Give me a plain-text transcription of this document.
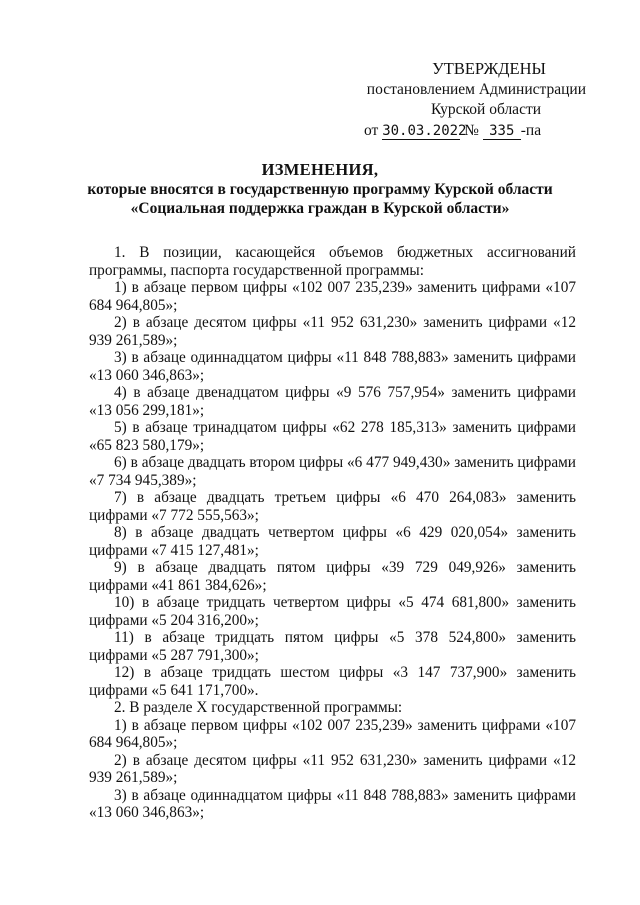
УТВЕРЖДЕНЫ
постановлением Администрации
Курской области
от 30.03.2022 № 335 -па
ИЗМЕНЕНИЯ,
которые вносятся в государственную программу Курской области
«Социальная поддержка граждан в Курской области»

1. В позиции, касающейся объемов бюджетных ассигнований программы, паспорта государственной программы:

1) в абзаце первом цифры «102 007 235,239» заменить цифрами «107 684 964,805»;

2) в абзаце десятом цифры «11 952 631,230» заменить цифрами «12 939 261,589»;

3) в абзаце одиннадцатом цифры «11 848 788,883» заменить цифрами «13 060 346,863»;

4) в абзаце двенадцатом цифры «9 576 757,954» заменить цифрами «13 056 299,181»;

5) в абзаце тринадцатом цифры «62 278 185,313» заменить цифрами «65 823 580,179»;

6) в абзаце двадцать втором цифры «6 477 949,430» заменить цифрами «7 734 945,389»;

7) в абзаце двадцать третьем цифры «6 470 264,083» заменить цифрами «7 772 555,563»;

8) в абзаце двадцать четвертом цифры «6 429 020,054» заменить цифрами «7 415 127,481»;

9) в абзаце двадцать пятом цифры «39 729 049,926» заменить цифрами «41 861 384,626»;

10) в абзаце тридцать четвертом цифры «5 474 681,800» заменить цифрами «5 204 316,200»;

11) в абзаце тридцать пятом цифры «5 378 524,800» заменить цифрами «5 287 791,300»;

12) в абзаце тридцать шестом цифры «3 147 737,900» заменить цифрами «5 641 171,700».

2. В разделе X государственной программы:

1) в абзаце первом цифры «102 007 235,239» заменить цифрами «107 684 964,805»;

2) в абзаце десятом цифры «11 952 631,230» заменить цифрами «12 939 261,589»;

3) в абзаце одиннадцатом цифры «11 848 788,883» заменить цифрами «13 060 346,863»;
